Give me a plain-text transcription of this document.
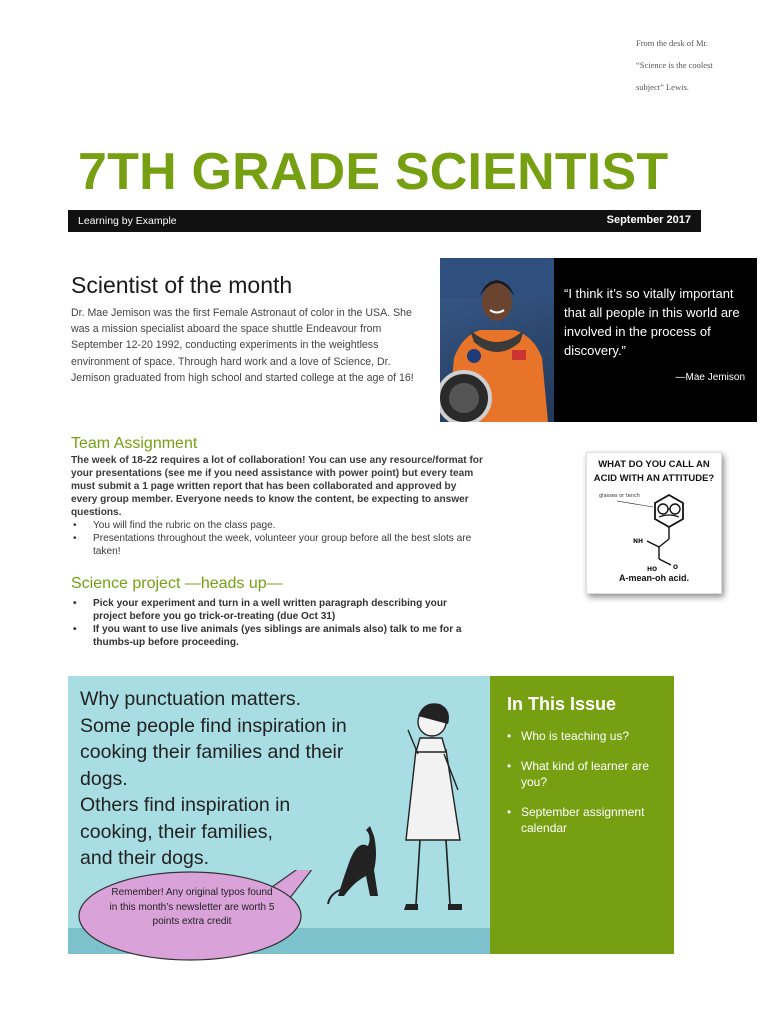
From the desk of Mr.
“Science is the coolest
subject” Lewis.
7TH GRADE SCIENTIST
Learning by Example	September 2017
Scientist of the month
Dr. Mae Jemison was the first Female Astronaut of color in the USA. She was a mission specialist aboard the space shuttle Endeavour from September 12-20 1992, conducting experiments in the weightless environment of space. Through hard work and a love of Science, Dr. Jemison graduated from high school and started college at the age of 16!
“I think it’s so vitally important that all people in this world are involved in the process of discovery.”
—Mae Jemison
Team Assignment
The week of 18-22 requires a lot of collaboration! You can use any resource/format for your presentations (see me if you need assistance with power point) but every team must submit a 1 page written report that has been collaborated and approved by every group member. Everyone needs to know the content, be expecting to answer questions.
• You will find the rubric on the class page.
• Presentations throughout the week, volunteer your group before all the best slots are taken!
Science project —heads up—
• Pick your experiment and turn in a well written paragraph describing your project before you go trick-or-treating (due Oct 31)
• If you want to use live animals (yes siblings are animals also) talk to me for a thumbs-up before proceeding.
WHAT DO YOU CALL AN ACID WITH AN ATTITUDE?
glasses or tench
NH
HO	O
A-mean-oh acid.
Why punctuation matters.
Some people find inspiration in
cooking their families and their
dogs.
Others find inspiration in
cooking, their families,
and their dogs.
Remember! Any original typos found in this month’s newsletter are worth 5 points extra credit
In This Issue
• Who is teaching us?
• What kind of learner are you?
• September assignment calendar
